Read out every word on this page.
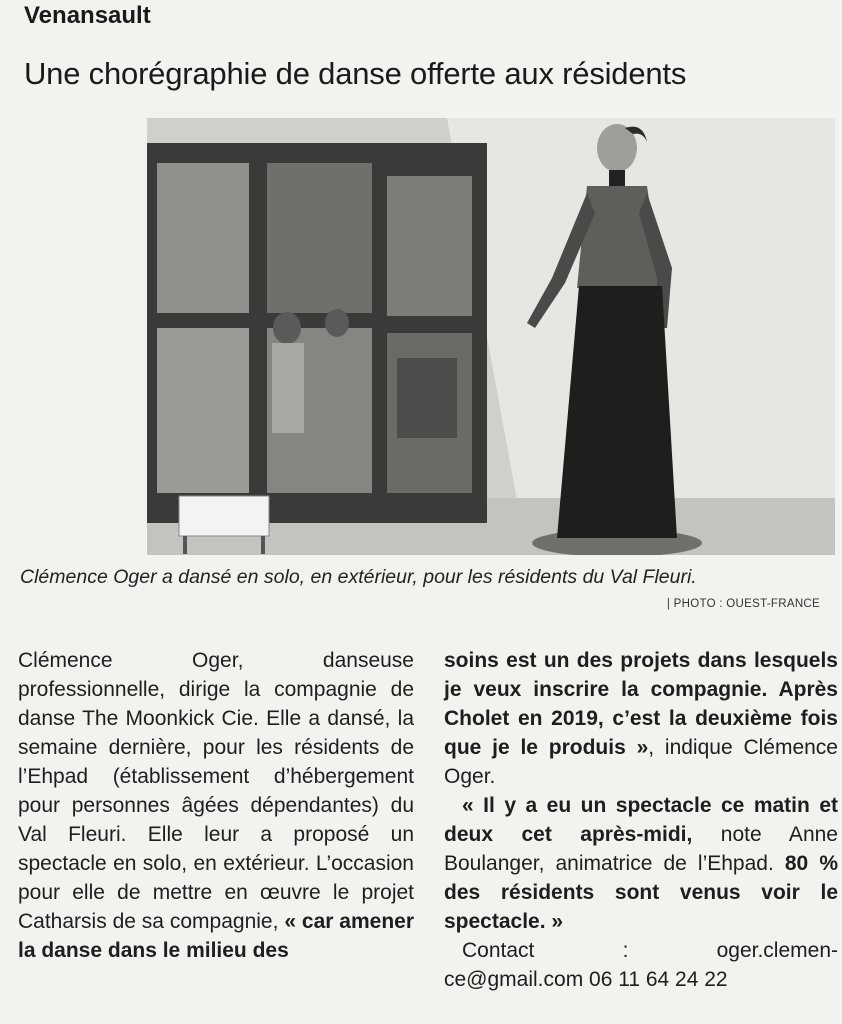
Venansault
Une chorégraphie de danse offerte aux résidents
Clémence Oger a dansé en solo, en extérieur, pour les résidents du Val Fleuri.
| PHOTO : OUEST-FRANCE

Clémence Oger, danseuse professionnelle, dirige la compagnie de danse The Moonkick Cie. Elle a dansé, la semaine dernière, pour les résidents de l’Ehpad (établissement d’hébergement pour personnes âgées dépendantes) du Val Fleuri. Elle leur a proposé un spectacle en solo, en extérieur. L’occasion pour elle de mettre en œuvre le projet Catharsis de sa compagnie, « car amener la danse dans le milieu des

soins est un des projets dans lesquels je veux inscrire la compagnie. Après Cholet en 2019, c’est la deuxième fois que je le produis », indique Clémence Oger.

« Il y a eu un spectacle ce matin et deux cet après-midi, note Anne Boulanger, animatrice de l’Ehpad. 80 % des résidents sont venus voir le spectacle. »

Contact	:	oger.clemen-
ce@gmail.com 06 11 64 24 22
